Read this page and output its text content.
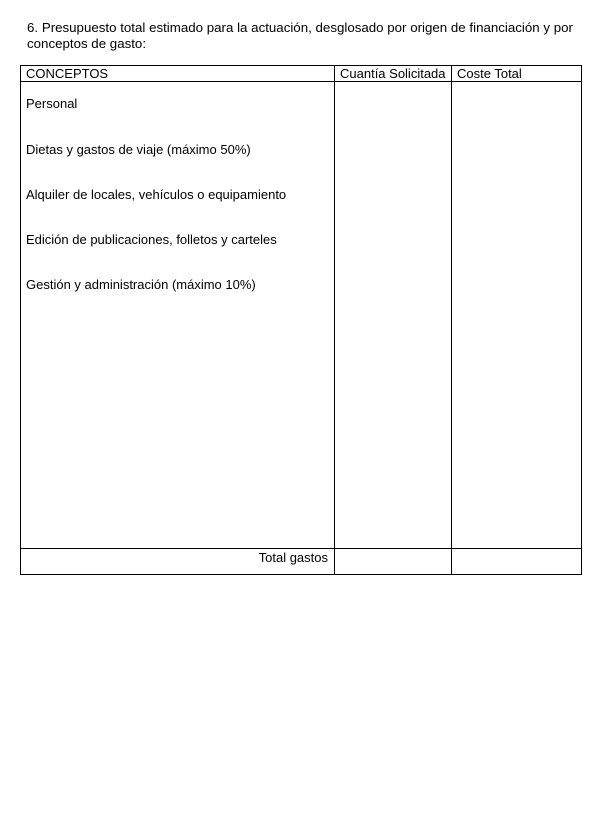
6. Presupuesto total estimado para la actuación, desglosado por origen de financiación y por conceptos de gasto:
CONCEPTOS	Cuantía Solicitada Coste Total
Personal
Dietas y gastos de viaje (máximo 50%)
Alquiler de locales, vehículos o equipamiento
Edición de publicaciones, folletos y carteles
Gestión y administración (máximo 10%)
Total gastos
